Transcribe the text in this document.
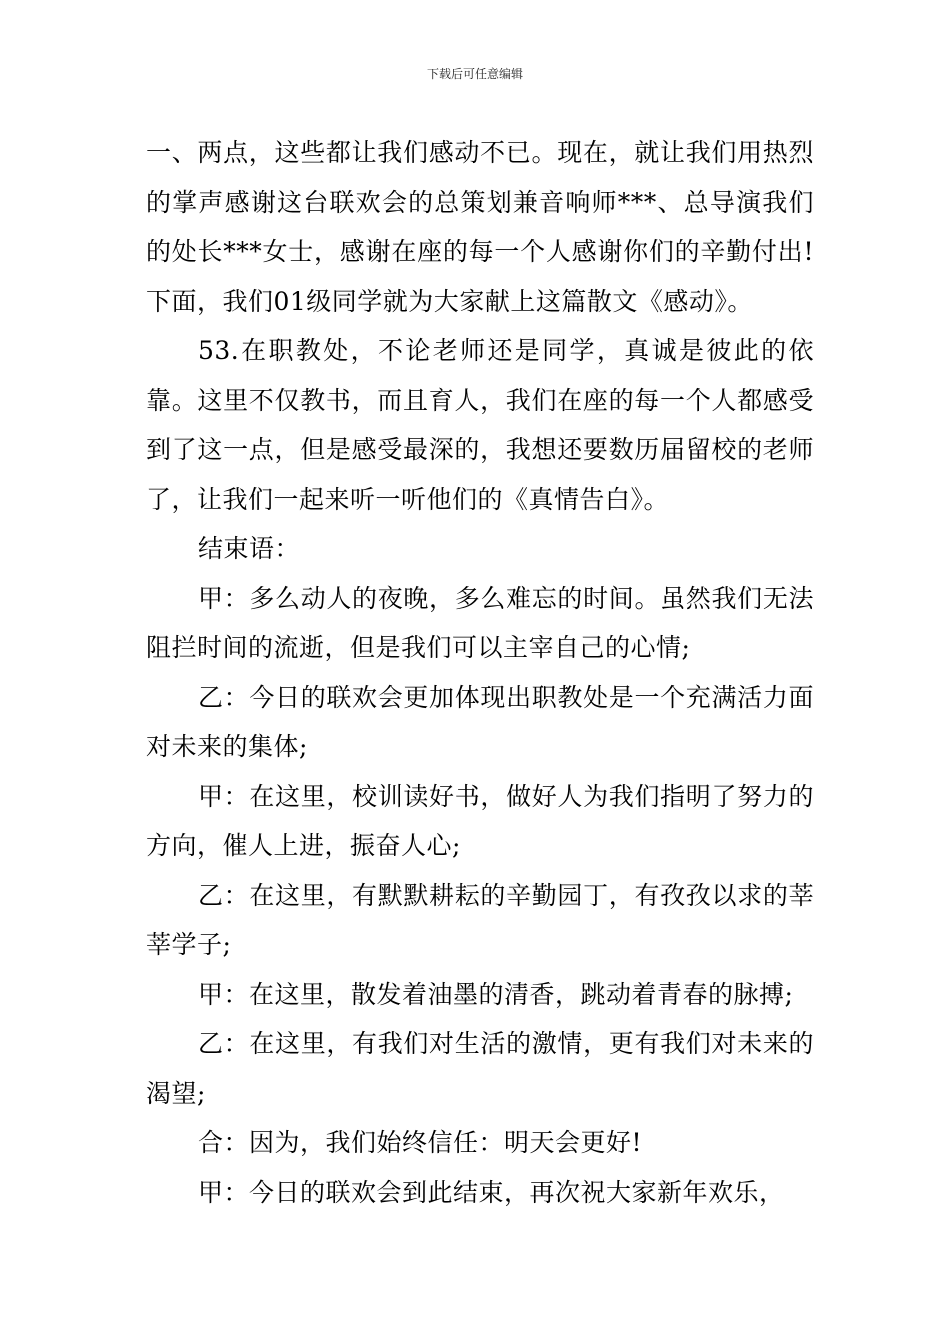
下载后可任意编辑

一、两点，这些都让我们感动不已。现在，就让我们用热烈的掌声感谢这台联欢会的总策划兼音响师***、总导演我们的处长***女士，感谢在座的每一个人感谢你们的辛勤付出!下面，我们01级同学就为大家献上这篇散文《感动》。

53.在职教处，不论老师还是同学，真诚是彼此的依靠。这里不仅教书，而且育人，我们在座的每一个人都感受到了这一点，但是感受最深的，我想还要数历届留校的老师了，让我们一起来听一听他们的《真情告白》。

结束语：

甲：多么动人的夜晚，多么难忘的时间。虽然我们无法阻拦时间的流逝，但是我们可以主宰自己的心情;

乙：今日的联欢会更加体现出职教处是一个充满活力面对未来的集体;

甲：在这里，校训读好书，做好人为我们指明了努力的方向，催人上进，振奋人心;

乙：在这里，有默默耕耘的辛勤园丁，有孜孜以求的莘莘学子;

甲：在这里，散发着油墨的清香，跳动着青春的脉搏;

乙：在这里，有我们对生活的激情，更有我们对未来的渴望;

合：因为，我们始终信任：明天会更好!

甲：今日的联欢会到此结束，再次祝大家新年欢乐，
